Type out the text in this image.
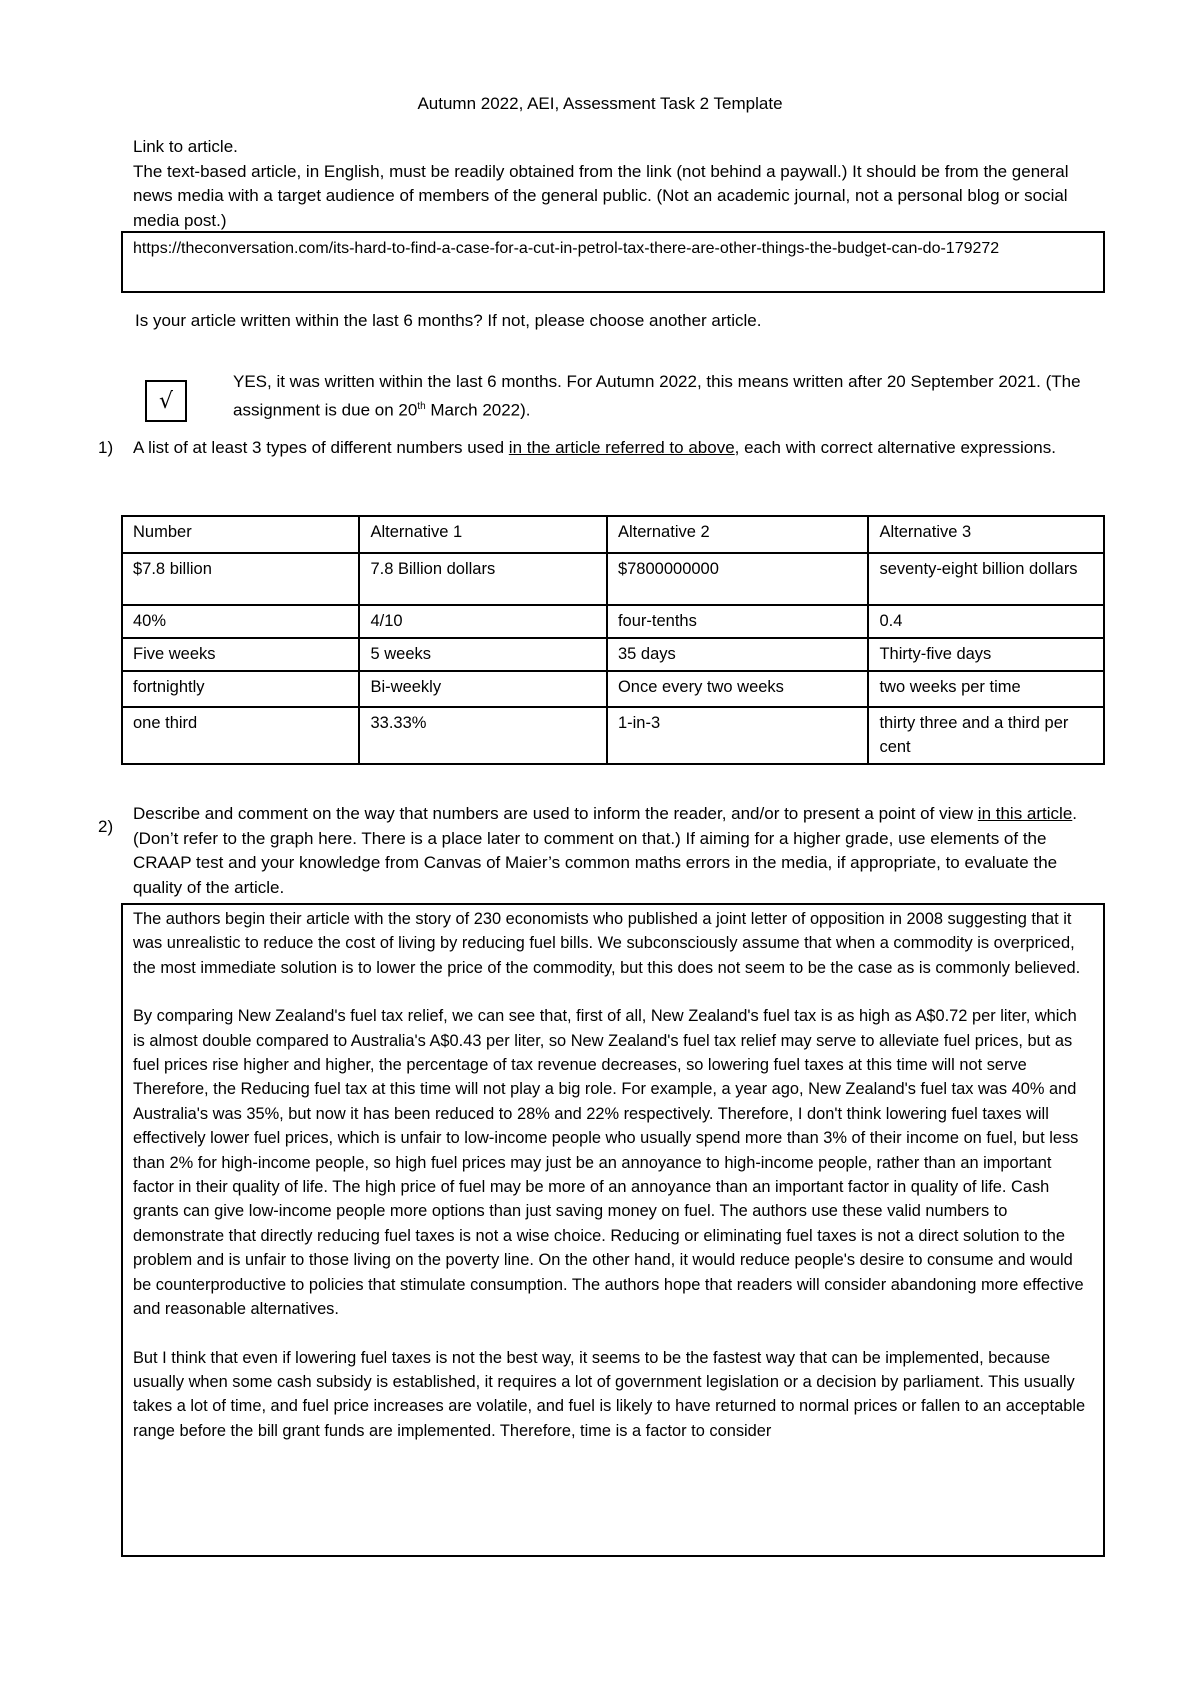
Autumn 2022, AEI, Assessment Task 2 Template

Link to article.

The text-based article, in English, must be readily obtained from the link (not behind a paywall.) It should be from the general news media with a target audience of members of the general public. (Not an academic journal, not a personal blog or social media post.)

https://theconversation.com/its-hard-to-find-a-case-for-a-cut-in-petrol-tax-there-are-other-things-the-budget-can-do-179272
Is your article written within the last 6 months? If not, please choose another article.
√
YES, it was written within the last 6 months. For Autumn 2022, this means written after 20 September 2021. (The assignment is due on 20th March 2022).
1)	A list of at least 3 types of different numbers used in the article referred to above, each with correct alternative expressions.
Number	Alternative 1	Alternative 2	Alternative 3
$7.8 billion	7.8 Billion dollars	$7800000000	seventy-eight billion dollars
40%	4/10	four-tenths	0.4
Five weeks	5 weeks	35 days	Thirty-five days
fortnightly	Bi-weekly	Once every two weeks	two weeks per time
one third	33.33%	1-in-3	thirty three and a third per cent
2)
Describe and comment on the way that numbers are used to inform the reader, and/or to present a point of view in this article. (Don’t refer to the graph here. There is a place later to comment on that.) If aiming for a higher grade, use elements of the CRAAP test and your knowledge from Canvas of Maier’s common maths errors in the media, if appropriate, to evaluate the quality of the article.

The authors begin their article with the story of 230 economists who published a joint letter of opposition in 2008 suggesting that it was unrealistic to reduce the cost of living by reducing fuel bills. We subconsciously assume that when a commodity is overpriced, the most immediate solution is to lower the price of the commodity, but this does not seem to be the case as is commonly believed.

By comparing New Zealand's fuel tax relief, we can see that, first of all, New Zealand's fuel tax is as high as A$0.72 per liter, which is almost double compared to Australia's A$0.43 per liter, so New Zealand's fuel tax relief may serve to alleviate fuel prices, but as fuel prices rise higher and higher, the percentage of tax revenue decreases, so lowering fuel taxes at this time will not serve Therefore, the Reducing fuel tax at this time will not play a big role. For example, a year ago, New Zealand's fuel tax was 40% and Australia's was 35%, but now it has been reduced to 28% and 22% respectively. Therefore, I don't think lowering fuel taxes will effectively lower fuel prices, which is unfair to low-income people who usually spend more than 3% of their income on fuel, but less than 2% for high-income people, so high fuel prices may just be an annoyance to high-income people, rather than an important factor in their quality of life. The high price of fuel may be more of an annoyance than an important factor in quality of life. Cash grants can give low-income people more options than just saving money on fuel. The authors use these valid numbers to demonstrate that directly reducing fuel taxes is not a wise choice. Reducing or eliminating fuel taxes is not a direct solution to the problem and is unfair to those living on the poverty line. On the other hand, it would reduce people's desire to consume and would be counterproductive to policies that stimulate consumption. The authors hope that readers will consider abandoning more effective and reasonable alternatives.

But I think that even if lowering fuel taxes is not the best way, it seems to be the fastest way that can be implemented, because usually when some cash subsidy is established, it requires a lot of government legislation or a decision by parliament. This usually takes a lot of time, and fuel price increases are volatile, and fuel is likely to have returned to normal prices or fallen to an acceptable range before the bill grant funds are implemented. Therefore, time is a factor to consider
